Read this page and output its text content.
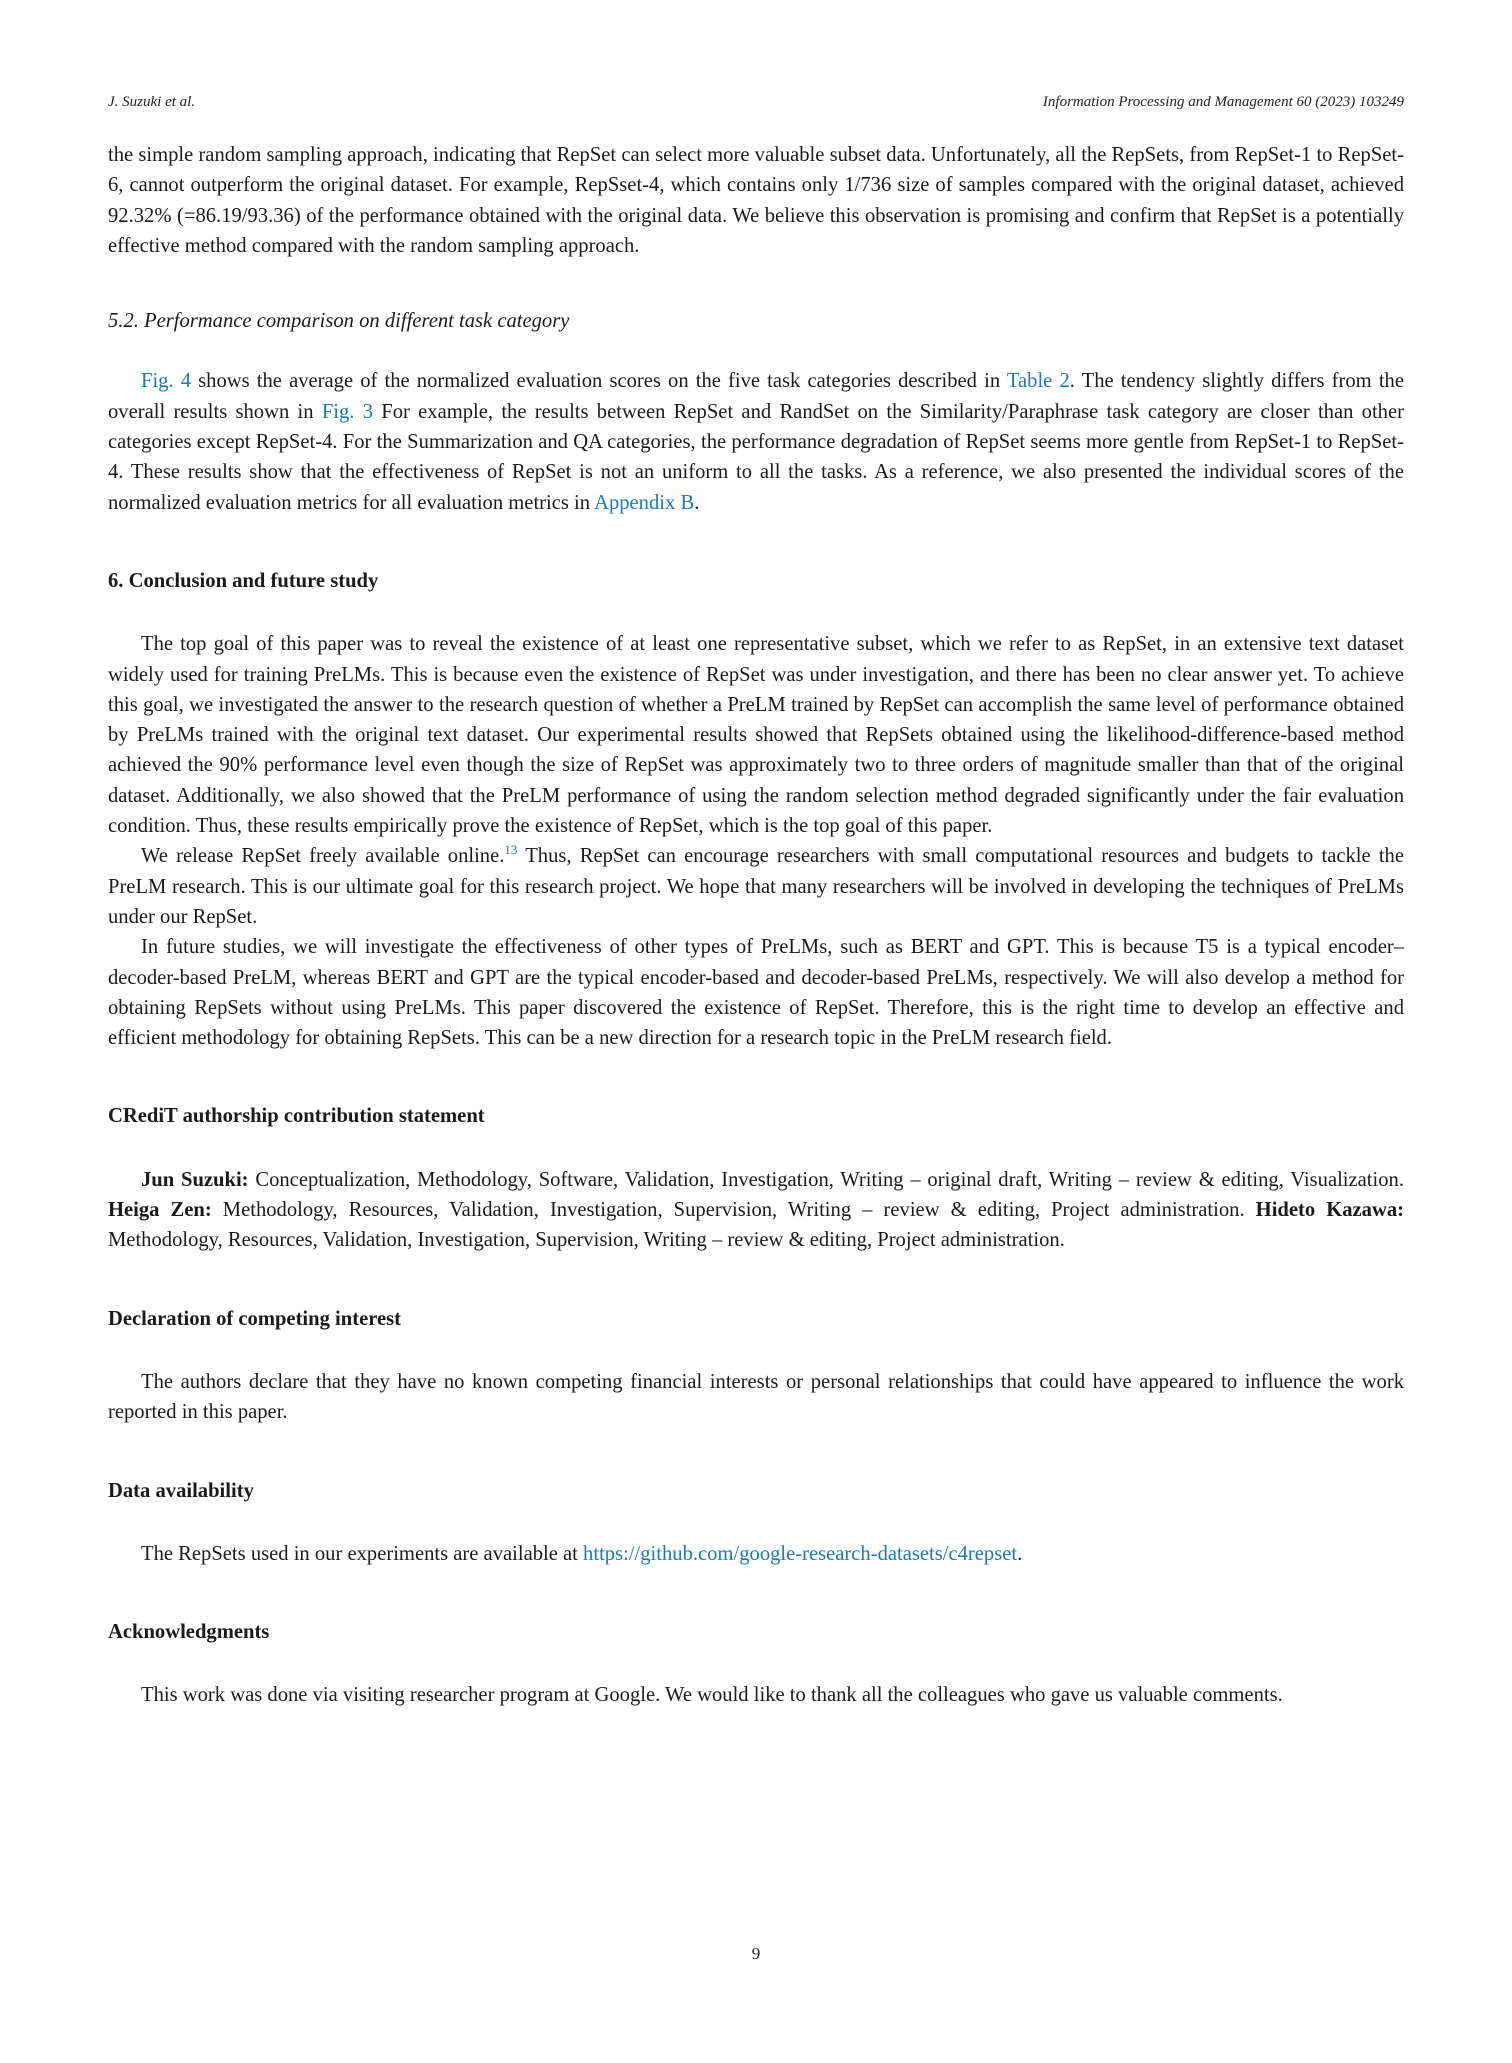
J. Suzuki et al.	Information Processing and Management 60 (2023) 103249

the simple random sampling approach, indicating that RepSet can select more valuable subset data. Unfortunately, all the RepSets, from RepSet-1 to RepSet-6, cannot outperform the original dataset. For example, RepSset-4, which contains only 1/736 size of samples compared with the original dataset, achieved 92.32% (=86.19/93.36) of the performance obtained with the original data. We believe this observation is promising and confirm that RepSet is a potentially effective method compared with the random sampling approach.

5.2. Performance comparison on different task category

Fig. 4 shows the average of the normalized evaluation scores on the five task categories described in Table 2. The tendency slightly differs from the overall results shown in Fig. 3 For example, the results between RepSet and RandSet on the Similarity/Paraphrase task category are closer than other categories except RepSet-4. For the Summarization and QA categories, the performance degradation of RepSet seems more gentle from RepSet-1 to RepSet-4. These results show that the effectiveness of RepSet is not an uniform to all the tasks. As a reference, we also presented the individual scores of the normalized evaluation metrics for all evaluation metrics in Appendix B.

6. Conclusion and future study

The top goal of this paper was to reveal the existence of at least one representative subset, which we refer to as RepSet, in an extensive text dataset widely used for training PreLMs. This is because even the existence of RepSet was under investigation, and there has been no clear answer yet. To achieve this goal, we investigated the answer to the research question of whether a PreLM trained by RepSet can accomplish the same level of performance obtained by PreLMs trained with the original text dataset. Our experimental results showed that RepSets obtained using the likelihood-difference-based method achieved the 90% performance level even though the size of RepSet was approximately two to three orders of magnitude smaller than that of the original dataset. Additionally, we also showed that the PreLM performance of using the random selection method degraded significantly under the fair evaluation condition. Thus, these results empirically prove the existence of RepSet, which is the top goal of this paper.

We release RepSet freely available online.$^{13}$ Thus, RepSet can encourage researchers with small computational resources and budgets to tackle the PreLM research. This is our ultimate goal for this research project. We hope that many researchers will be involved in developing the techniques of PreLMs under our RepSet.

In future studies, we will investigate the effectiveness of other types of PreLMs, such as BERT and GPT. This is because T5 is a typical encoder–decoder-based PreLM, whereas BERT and GPT are the typical encoder-based and decoder-based PreLMs, respectively. We will also develop a method for obtaining RepSets without using PreLMs. This paper discovered the existence of RepSet. Therefore, this is the right time to develop an effective and efficient methodology for obtaining RepSets. This can be a new direction for a research topic in the PreLM research field.

CRediT authorship contribution statement

Jun Suzuki: Conceptualization, Methodology, Software, Validation, Investigation, Writing – original draft, Writing – review & editing, Visualization. Heiga Zen: Methodology, Resources, Validation, Investigation, Supervision, Writing – review & editing, Project administration. Hideto Kazawa: Methodology, Resources, Validation, Investigation, Supervision, Writing – review & editing, Project administration.

Declaration of competing interest

The authors declare that they have no known competing financial interests or personal relationships that could have appeared to influence the work reported in this paper.

Data availability

The RepSets used in our experiments are available at https://github.com/google-research-datasets/c4repset.

Acknowledgments

This work was done via visiting researcher program at Google. We would like to thank all the colleagues who gave us valuable comments.

9
